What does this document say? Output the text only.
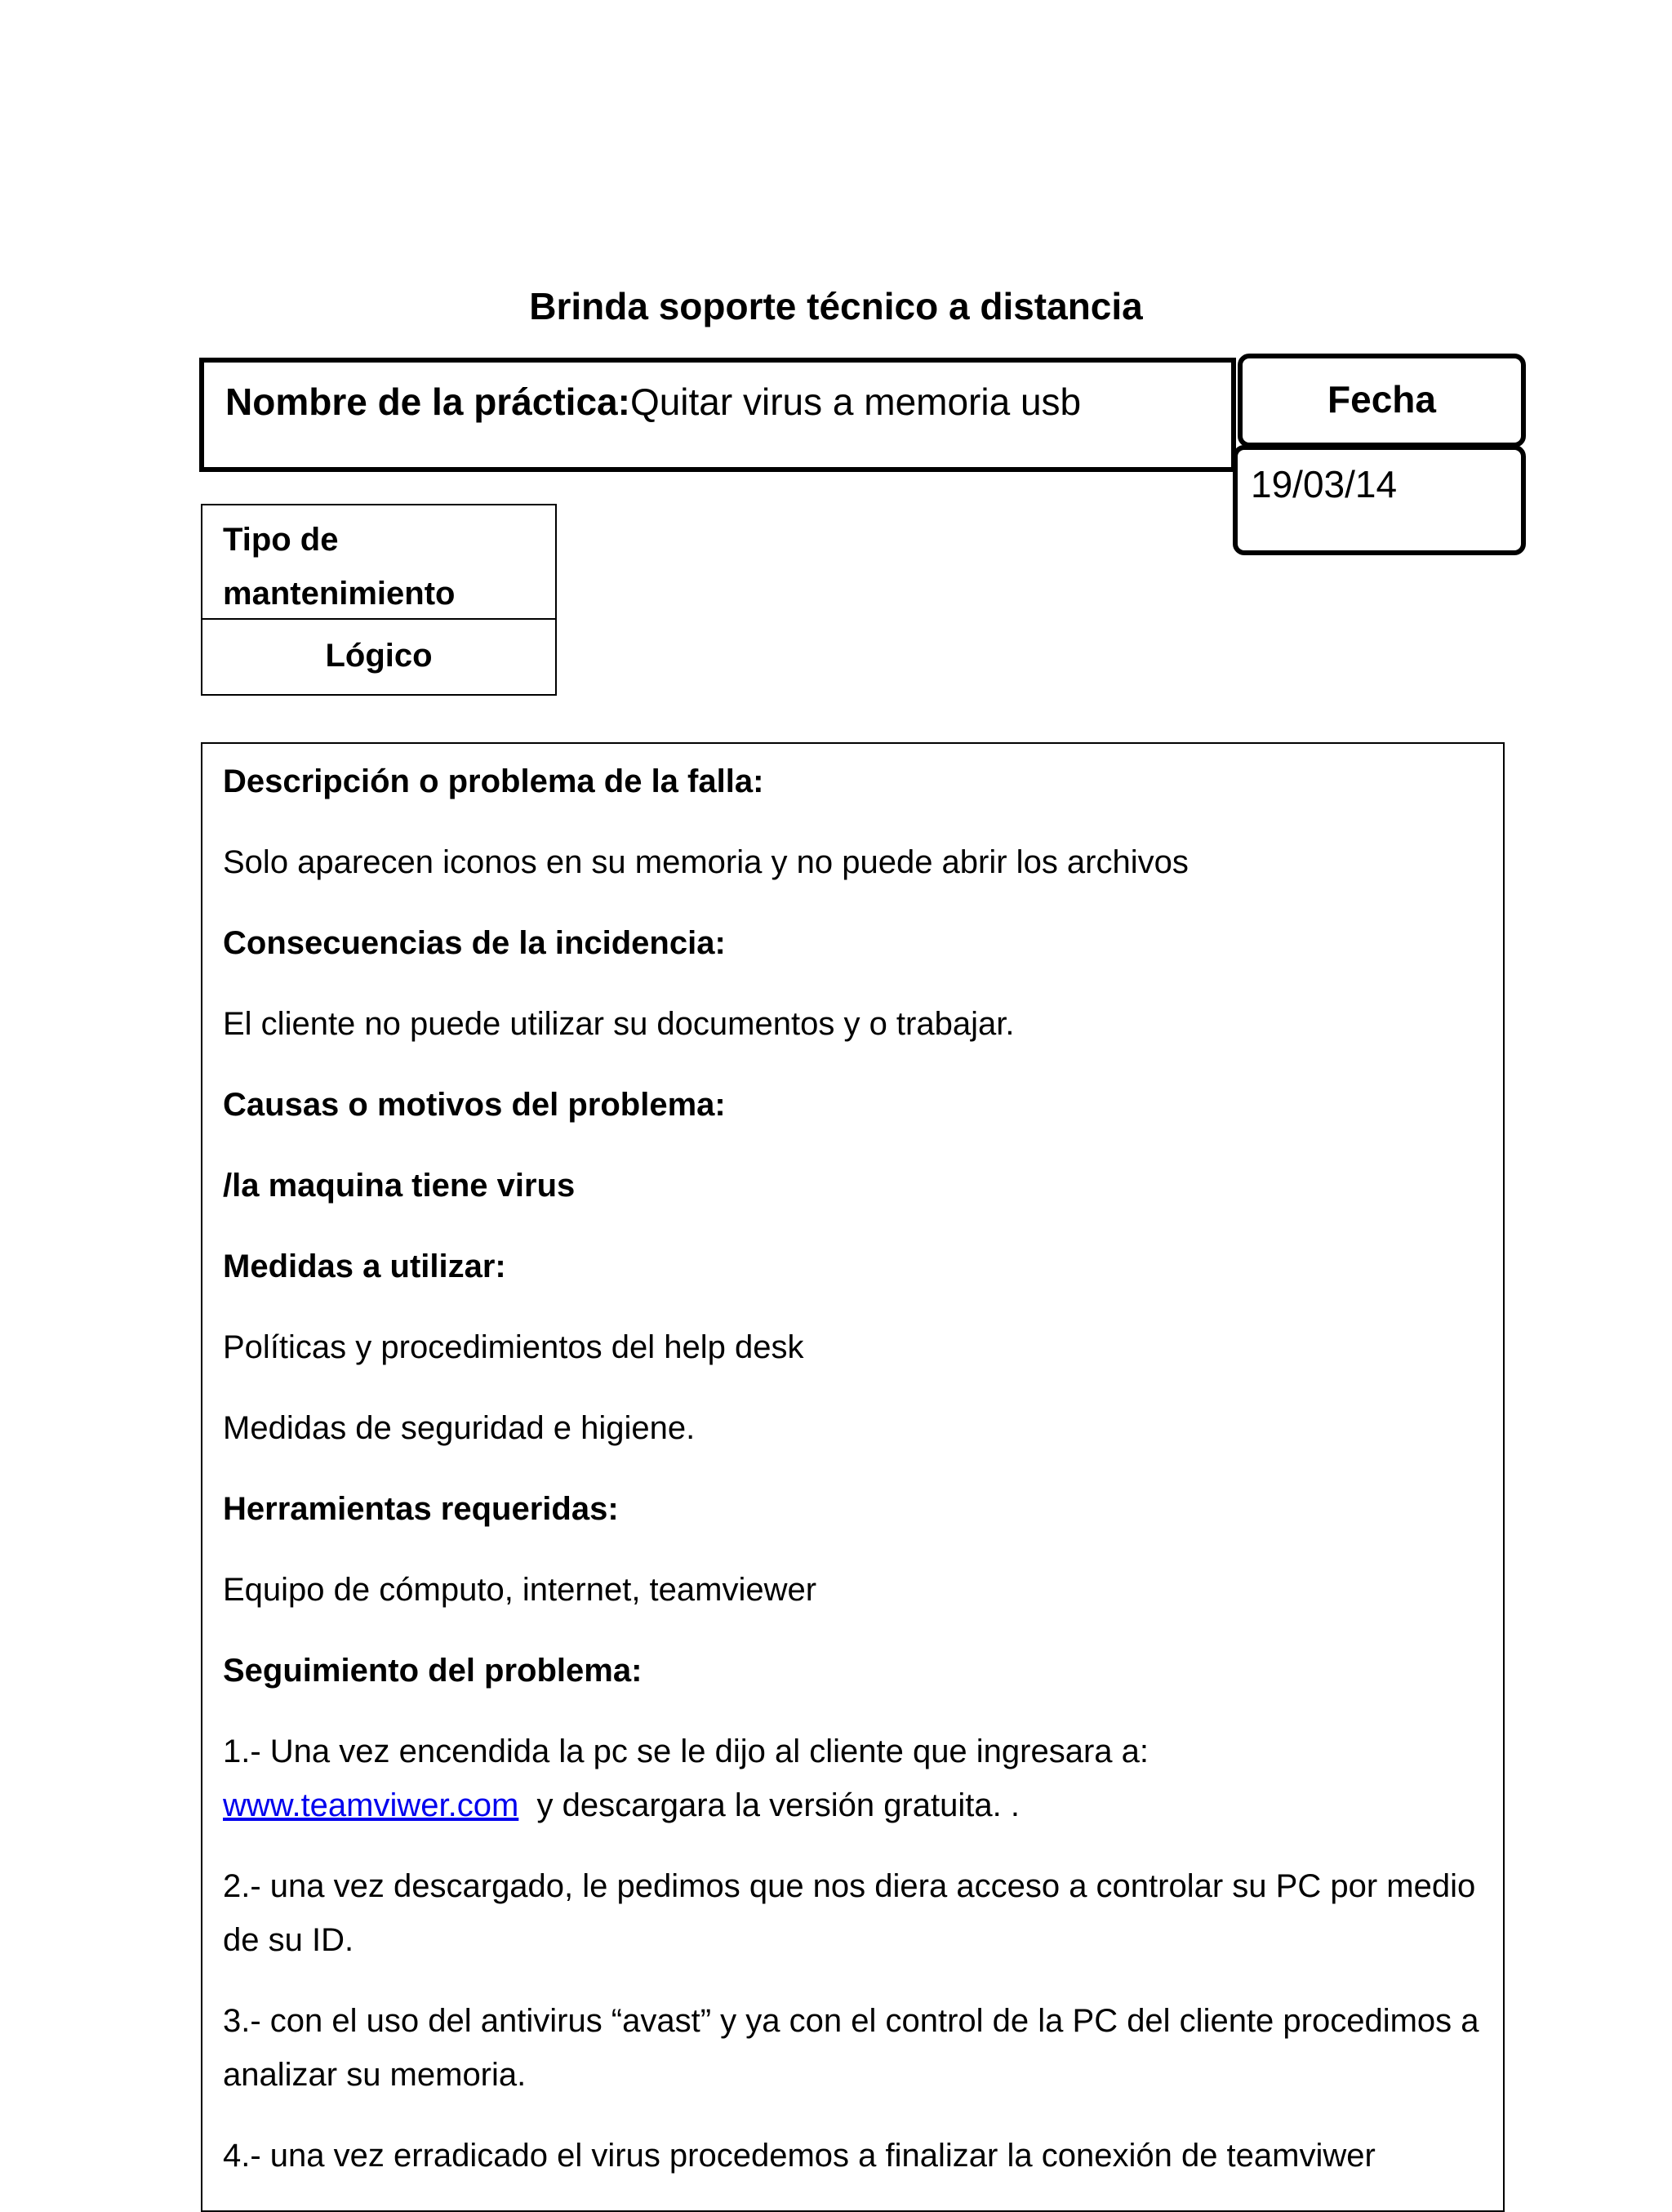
Brinda soporte técnico a distancia
Nombre de la práctica:Quitar virus a memoria usb	Fecha
19/03/14
Tipo de mantenimiento
Lógico

Descripción o problema de la falla:

Solo aparecen iconos en su memoria y no puede abrir los archivos

Consecuencias de la incidencia:

El cliente no puede utilizar su documentos y o trabajar.

Causas o motivos del problema:

/la maquina tiene virus

Medidas a utilizar:

Políticas y procedimientos del help desk

Medidas de seguridad e higiene.

Herramientas requeridas:

Equipo de cómputo, internet, teamviewer

Seguimiento del problema:

1.- Una vez encendida la pc se le dijo al cliente que ingresara a:
www.teamviwer.com  y descargara la versión gratuita. .

2.- una vez descargado, le pedimos que nos diera acceso a controlar su PC por medio de su ID.

3.- con el uso del antivirus “avast” y ya con el control de la PC del cliente procedimos a analizar su memoria.

4.- una vez erradicado el virus procedemos a finalizar la conexión de teamviwer
